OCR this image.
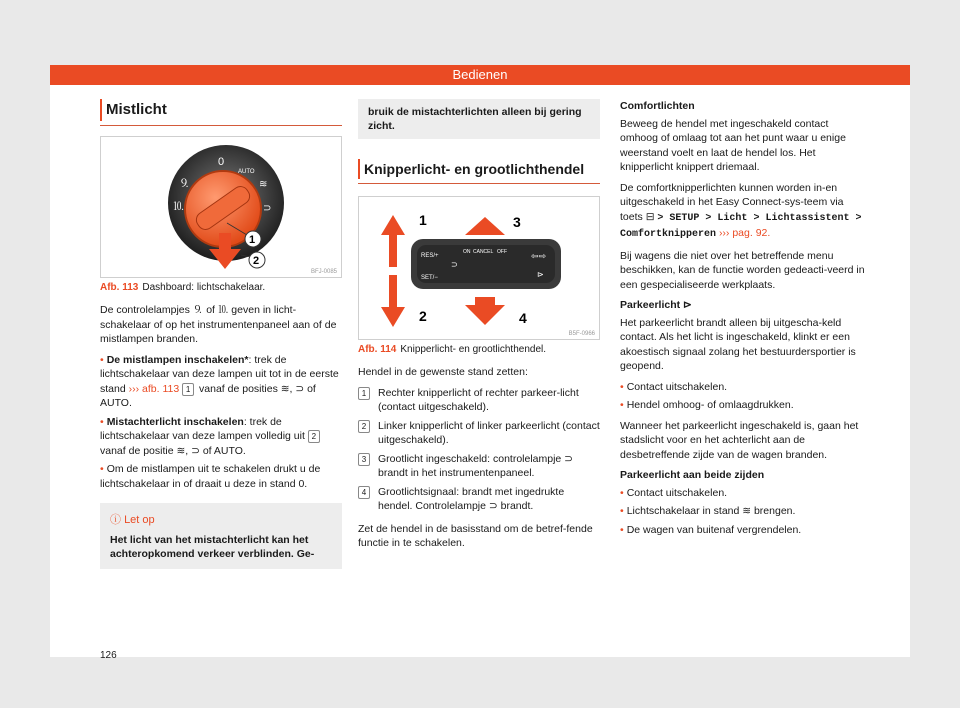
Bedienen
Mistlicht
0
AUTO
⒐
⒑
≋
⊃
1
2
BFJ-0085
Afb. 113 Dashboard: lichtschakelaar.

De controlelampjes ⒐ of ⒑ geven in licht-schakelaar of op het instrumentenpaneel aan of de mistlampen branden.

• De mistlampen inschakelen*: trek de lichtschakelaar van deze lampen uit tot in de eerste stand ››› afb. 113 1 vanaf de posities ≋, ⊃ of AUTO.
• Mistachterlicht inschakelen: trek de lichtschakelaar van deze lampen volledig uit 2 vanaf de positie ≋, ⊃ of AUTO.
• Om de mistlampen uit te schakelen drukt u de lichtschakelaar in of draait u deze in stand 0.
ⓘ Let op
Het licht van het mistachterlicht kan het achteropkomend verkeer verblinden. Ge-
126
bruik de mistachterlichten alleen bij gering zicht.
Knipperlicht- en grootlichthendel
RES/+
SET/−
ON CANCEL OFF
⊃
⇦⇨
⊳
1
2
3
4
B5F-0966
Afb. 114 Knipperlicht- en grootlichthendel.

Hendel in de gewenste stand zetten:

1	Rechter knipperlicht of rechter parkeer-licht (contact uitgeschakeld).
2	Linker knipperlicht of linker parkeerlicht (contact uitgeschakeld).
3	Grootlicht ingeschakeld: controlelampje ⊃ brandt in het instrumentenpaneel.
4	Grootlichtsignaal: brandt met ingedrukte hendel. Controlelampje ⊃ brandt.

Zet de hendel in de basisstand om de betref-fende functie in te schakelen.

Comfortlichten

Beweeg de hendel met ingeschakeld contact omhoog of omlaag tot aan het punt waar u enige weerstand voelt en laat de hendel los. Het knipperlicht knippert driemaal.

De comfortknipperlichten kunnen worden in-en uitgeschakeld in het Easy Connect-sys-teem via toets ⊟ > SETUP > Licht > Lichtassistent > Comfortknipperen ››› pag. 92.

Bij wagens die niet over het betreffende menu beschikken, kan de functie worden gedeacti-veerd in een gespecialiseerde werkplaats.

Parkeerlicht ⊳

Het parkeerlicht brandt alleen bij uitgescha-keld contact. Als het licht is ingeschakeld, klinkt er een akoestisch signaal zolang het bestuurdersportier is geopend.

• Contact uitschakelen.
• Hendel omhoog- of omlaagdrukken.

Wanneer het parkeerlicht ingeschakeld is, gaan het stadslicht voor en het achterlicht aan de desbetreffende zijde van de wagen branden.

Parkeerlicht aan beide zijden

• Contact uitschakelen.
• Lichtschakelaar in stand ≋ brengen.
• De wagen van buitenaf vergrendelen.
